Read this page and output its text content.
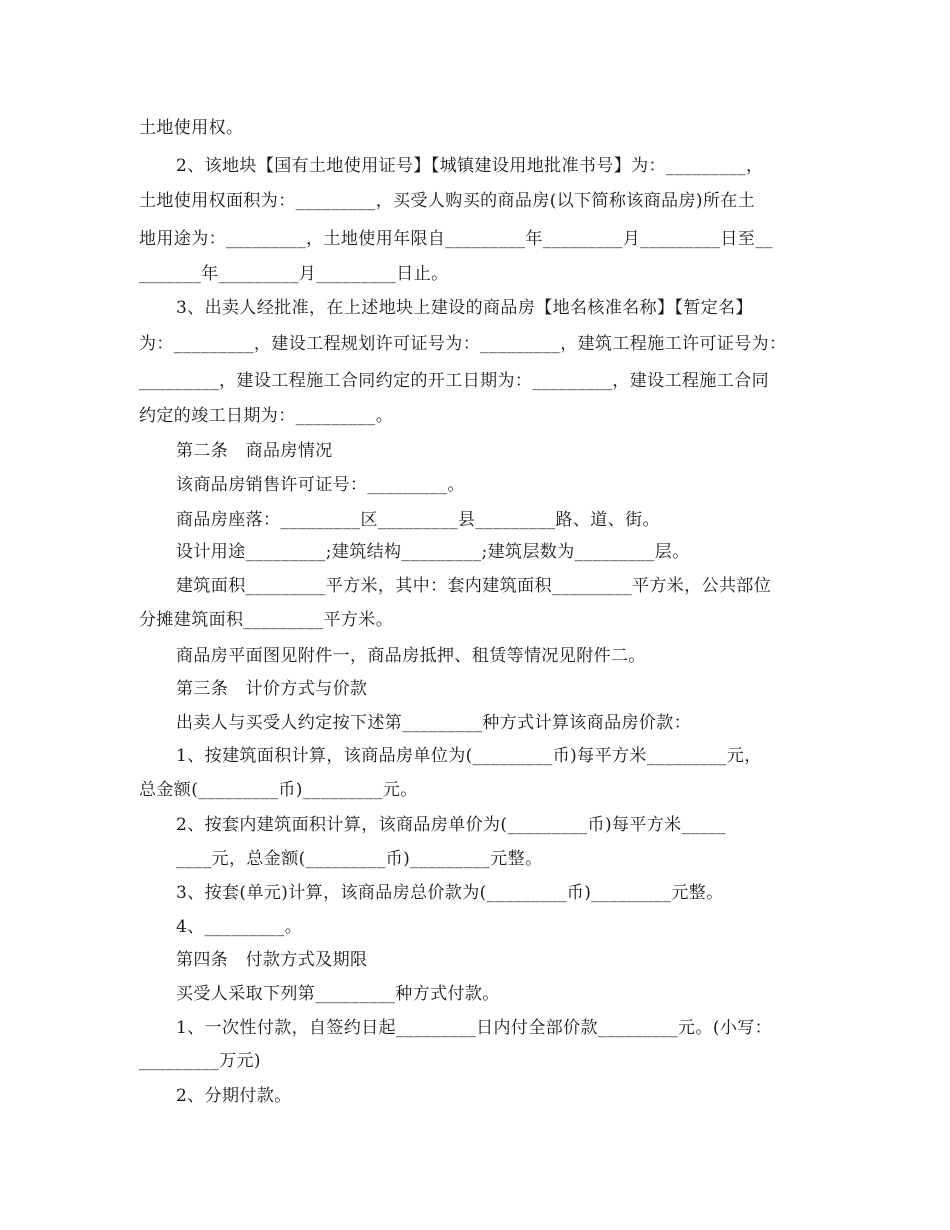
土地使用权。

2、该地块【国有土地使用证号】【城镇建设用地批准书号】为：_________，

土地使用权面积为：_________，买受人购买的商品房(以下简称该商品房)所在土

地用途为：_________，土地使用年限自_________年_________月_________日至__

_______年_________月_________日止。

3、出卖人经批准，在上述地块上建设的商品房【地名核准名称】【暂定名】

为：_________，建设工程规划许可证号为：_________，建筑工程施工许可证号为：

_________，建设工程施工合同约定的开工日期为：_________，建设工程施工合同

约定的竣工日期为：_________。

第二条　商品房情况

该商品房销售许可证号：_________。

商品房座落：_________区_________县_________路、道、街。

设计用途_________;建筑结构_________;建筑层数为_________层。

建筑面积_________平方米，其中：套内建筑面积_________平方米，公共部位

分摊建筑面积_________平方米。

商品房平面图见附件一，商品房抵押、租赁等情况见附件二。

第三条　计价方式与价款

出卖人与买受人约定按下述第_________种方式计算该商品房价款：

1、按建筑面积计算，该商品房单位为(_________币)每平方米_________元，

总金额(_________币)_________元。

2、按套内建筑面积计算，该商品房单价为(_________币)每平方米_____

____元，总金额(_________币)_________元整。

3、按套(单元)计算，该商品房总价款为(_________币)_________元整。

4、_________。

第四条　付款方式及期限

买受人采取下列第_________种方式付款。

1、一次性付款，自签约日起_________日内付全部价款_________元。(小写：

_________万元)

2、分期付款。
